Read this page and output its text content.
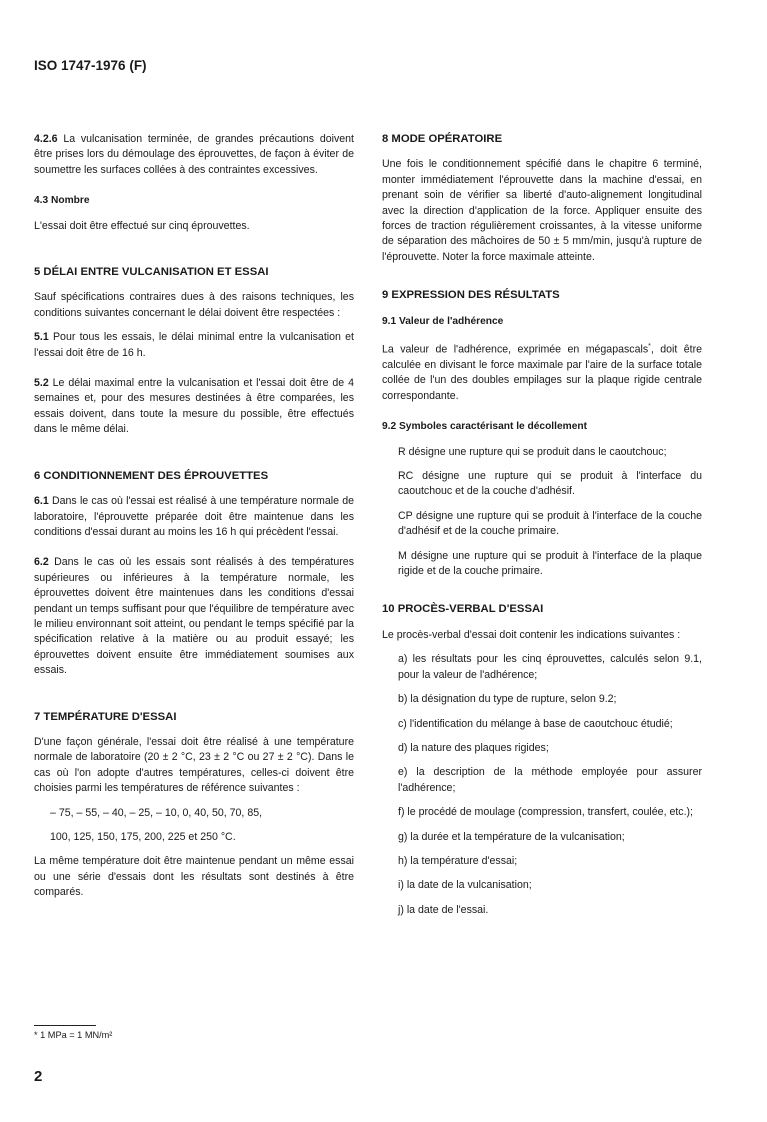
ISO 1747-1976 (F)

4.2.6 La vulcanisation terminée, de grandes précautions doivent être prises lors du démoulage des éprouvettes, de façon à éviter de soumettre les surfaces collées à des contraintes excessives.

4.3 Nombre

L'essai doit être effectué sur cinq éprouvettes.

5 DÉLAI ENTRE VULCANISATION ET ESSAI

Sauf spécifications contraires dues à des raisons techniques, les conditions suivantes concernant le délai doivent être respectées :

5.1 Pour tous les essais, le délai minimal entre la vulcanisation et l'essai doit être de 16 h.

5.2 Le délai maximal entre la vulcanisation et l'essai doit être de 4 semaines et, pour des mesures destinées à être comparées, les essais doivent, dans toute la mesure du possible, être effectués dans le même délai.

6 CONDITIONNEMENT DES ÉPROUVETTES

6.1 Dans le cas où l'essai est réalisé à une température normale de laboratoire, l'éprouvette préparée doit être maintenue dans les conditions d'essai durant au moins les 16 h qui précèdent l'essai.

6.2 Dans le cas où les essais sont réalisés à des températures supérieures ou inférieures à la température normale, les éprouvettes doivent être maintenues dans les conditions d'essai pendant un temps suffisant pour que l'équilibre de température avec le milieu environnant soit atteint, ou pendant le temps spécifié par la spécification relative à la matière ou au produit essayé; les éprouvettes doivent ensuite être immédiatement soumises aux essais.

7 TEMPÉRATURE D'ESSAI

D'une façon générale, l'essai doit être réalisé à une température normale de laboratoire (20 ± 2 °C, 23 ± 2 °C ou 27 ± 2 °C). Dans le cas où l'on adopte d'autres températures, celles-ci doivent être choisies parmi les températures de référence suivantes :

– 75, – 55, – 40, – 25, – 10, 0, 40, 50, 70, 85,

100, 125, 150, 175, 200, 225 et 250 °C.

La même température doit être maintenue pendant un même essai ou une série d'essais dont les résultats sont destinés à être comparés.

8 MODE OPÉRATOIRE

Une fois le conditionnement spécifié dans le chapitre 6 terminé, monter immédiatement l'éprouvette dans la machine d'essai, en prenant soin de vérifier sa liberté d'auto-alignement longitudinal avec la direction d'application de la force. Appliquer ensuite des forces de traction régulièrement croissantes, à la vitesse uniforme de séparation des mâchoires de 50 ± 5 mm/min, jusqu'à rupture de l'éprouvette. Noter la force maximale atteinte.

9 EXPRESSION DES RÉSULTATS
9.1 Valeur de l'adhérence

La valeur de l'adhérence, exprimée en mégapascals*, doit être calculée en divisant le force maximale par l'aire de la surface totale collée de l'un des doubles empilages sur la plaque rigide centrale correspondante.

9.2 Symboles caractérisant le décollement

R désigne une rupture qui se produit dans le caoutchouc;

RC désigne une rupture qui se produit à l'interface du caoutchouc et de la couche d'adhésif.

CP désigne une rupture qui se produit à l'interface de la couche d'adhésif et de la couche primaire.

M désigne une rupture qui se produit à l'interface de la plaque rigide et de la couche primaire.

10 PROCÈS-VERBAL D'ESSAI

Le procès-verbal d'essai doit contenir les indications suivantes :

a) les résultats pour les cinq éprouvettes, calculés selon 9.1, pour la valeur de l'adhérence;

b) la désignation du type de rupture, selon 9.2;

c) l'identification du mélange à base de caoutchouc étudié;

d) la nature des plaques rigides;

e) la description de la méthode employée pour assurer l'adhérence;

f) le procédé de moulage (compression, transfert, coulée, etc.);

g) la durée et la température de la vulcanisation;

h) la température d'essai;

i) la date de la vulcanisation;

j) la date de l'essai.

* 1 MPa = 1 MN/m²
2
